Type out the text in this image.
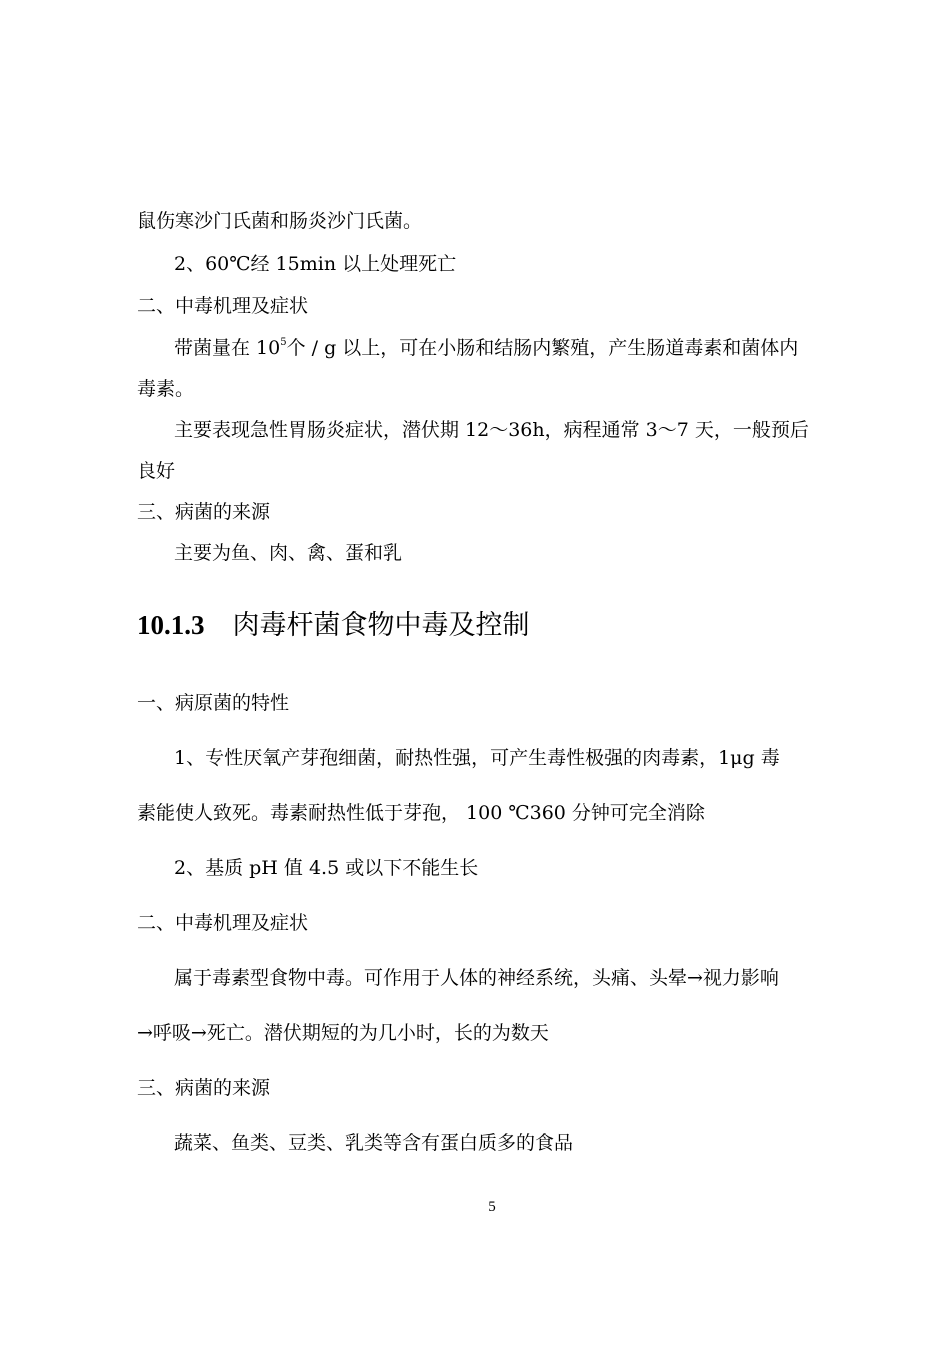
鼠伤寒沙门氏菌和肠炎沙门氏菌。
2、60℃经 15min 以上处理死亡
二、中毒机理及症状
带菌量在 $10^5$个 / g 以上，可在小肠和结肠内繁殖，产生肠道毒素和菌体内
毒素。
主要表现急性胃肠炎症状，潜伏期 12～36h，病程通常 3～7 天，一般预后
良好
三、病菌的来源
主要为鱼、肉、禽、蛋和乳
10.1.3 肉毒杆菌食物中毒及控制
一、病原菌的特性
1、专性厌氧产芽孢细菌，耐热性强，可产生毒性极强的肉毒素，1μg 毒
素能使人致死。毒素耐热性低于芽孢， 100 ℃360 分钟可完全消除
2、基质 pH 值 4.5 或以下不能生长
二、中毒机理及症状
属于毒素型食物中毒。可作用于人体的神经系统，头痛、头晕→视力影响
→呼吸→死亡。潜伏期短的为几小时，长的为数天
三、病菌的来源
蔬菜、鱼类、豆类、乳类等含有蛋白质多的食品
5
